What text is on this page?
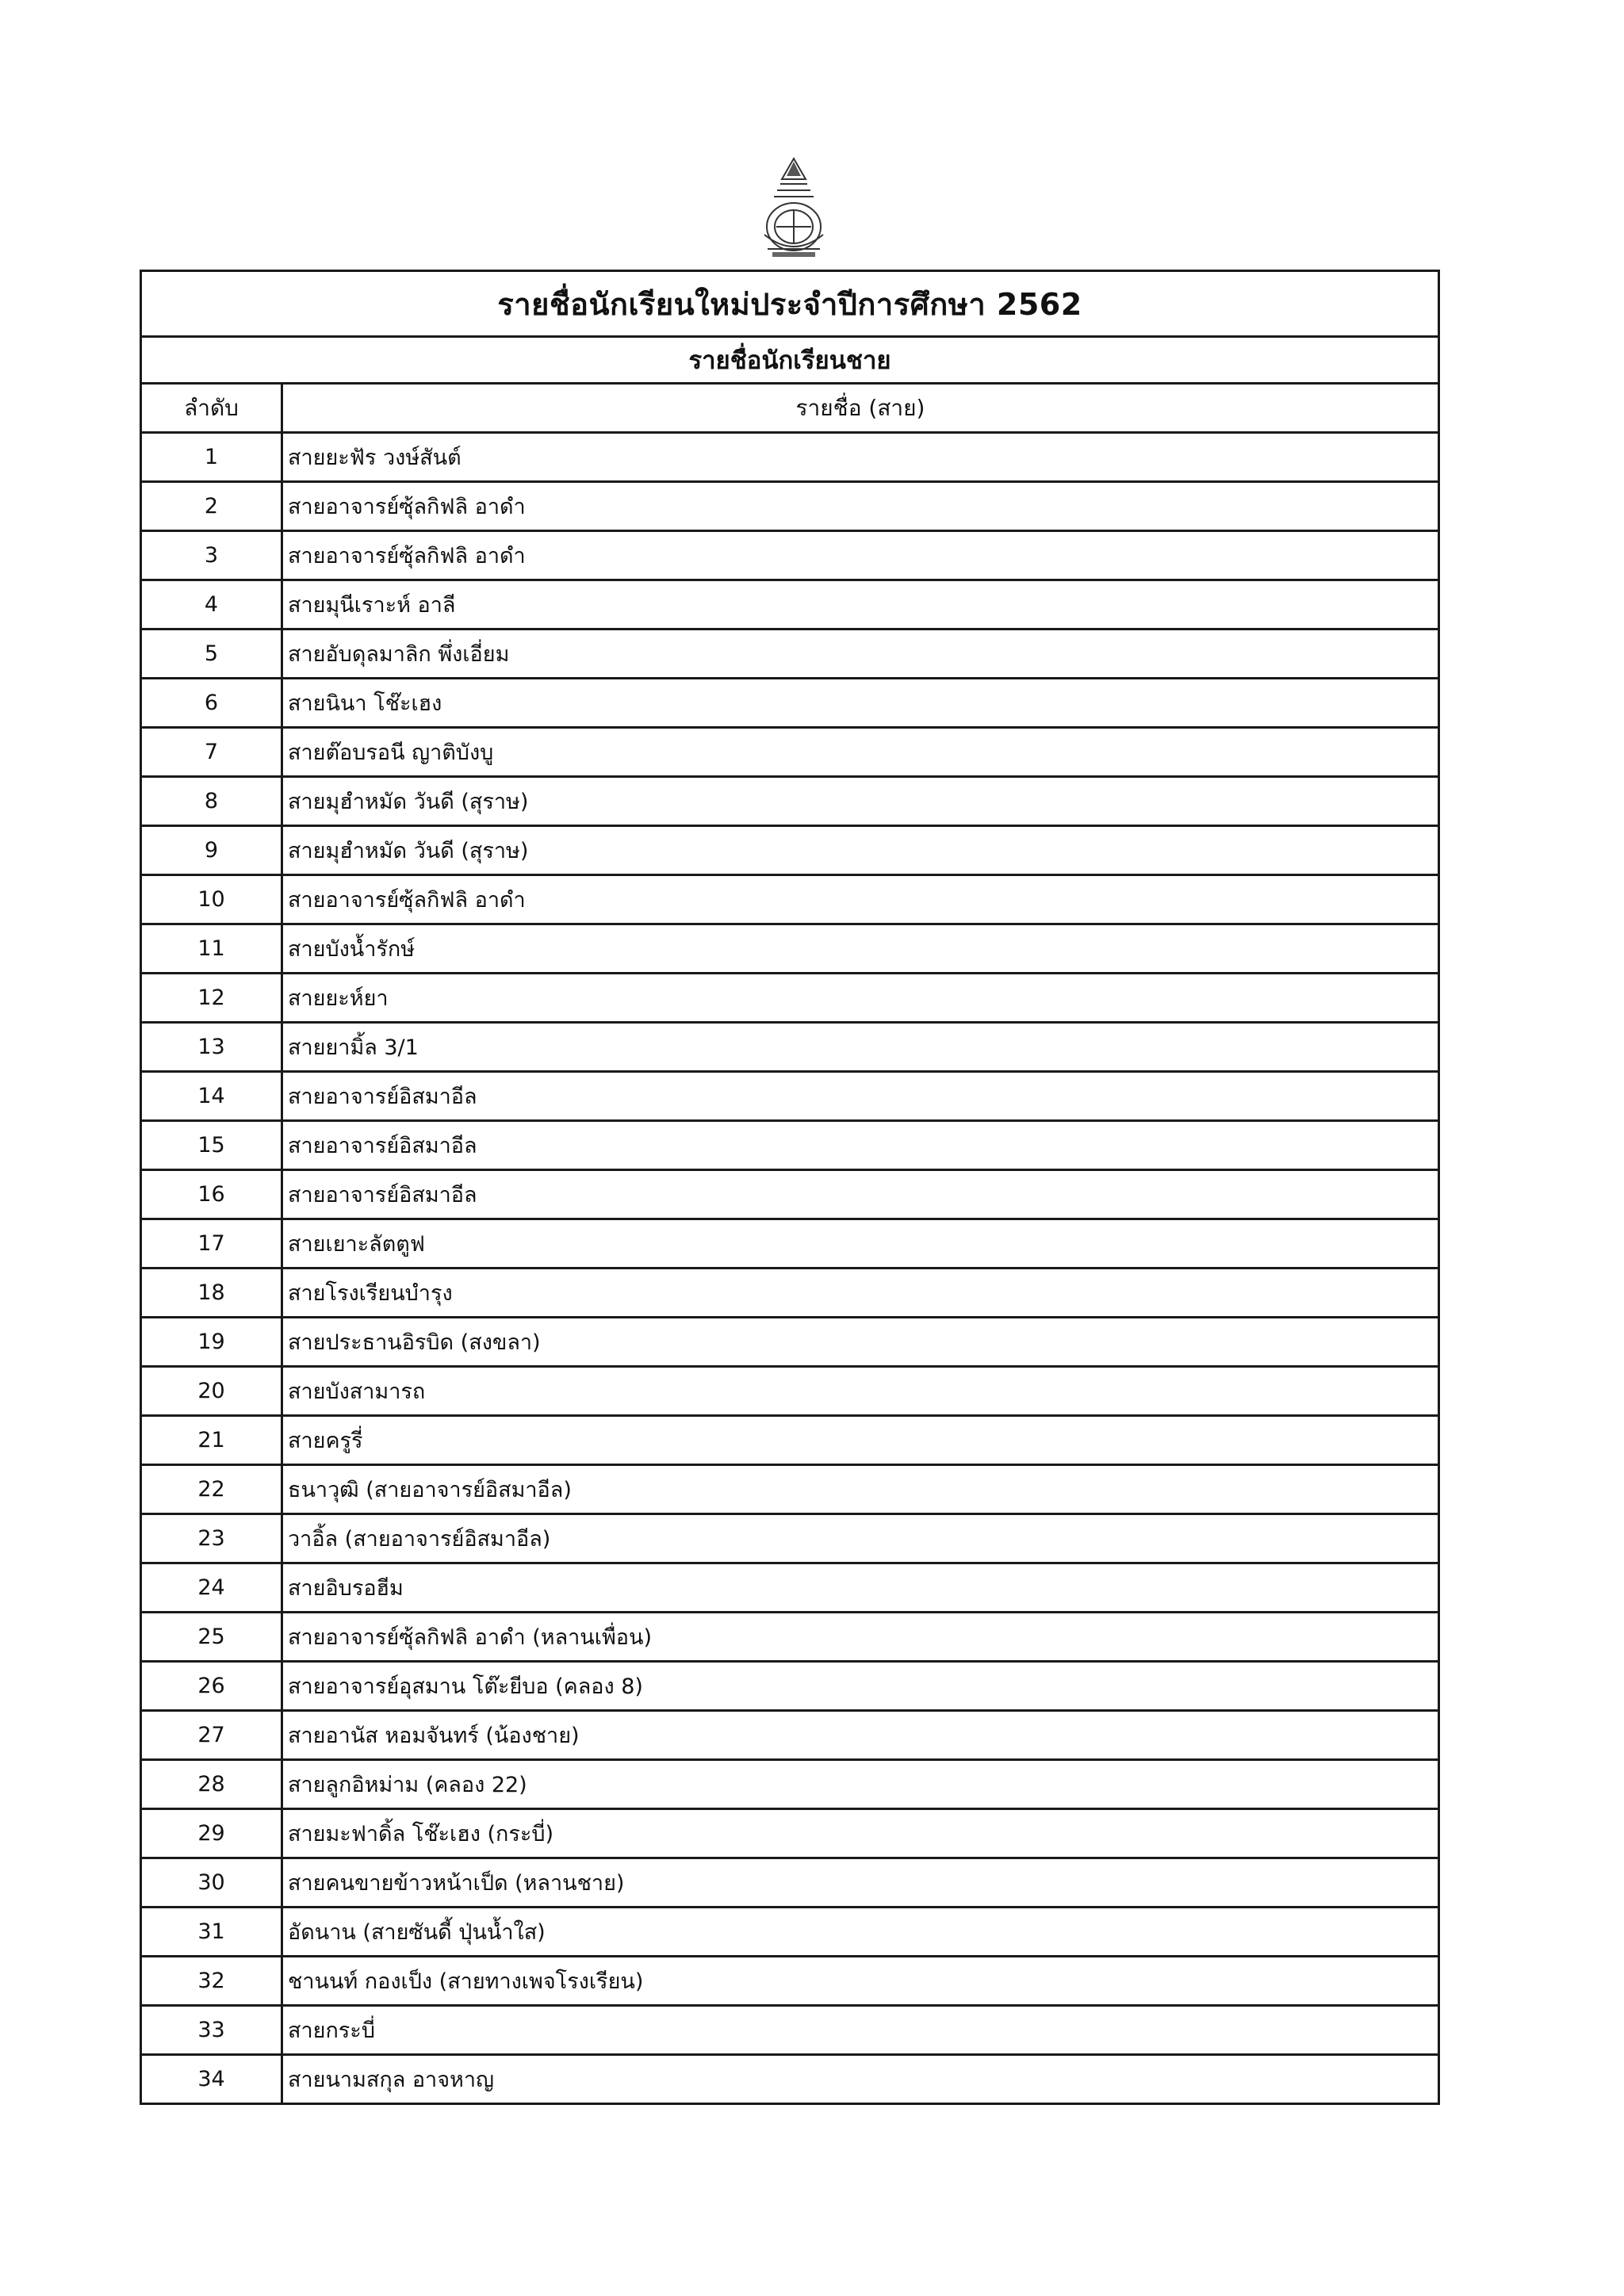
รายชื่อนักเรียนใหม่ประจำปีการศึกษา 2562	
รายชื่อนักเรียนชาย	
ลำดับ	รายชื่อ (สาย)
1	สายยะฟัร วงษ์สันต์
2	สายอาจารย์ซุ้ลกิฟลิ อาดำ
3	สายอาจารย์ซุ้ลกิฟลิ อาดำ
4	สายมุนีเราะห์ อาลี
5	สายอับดุลมาลิก พึ่งเอี่ยม
6	สายนินา โช๊ะเฮง
7	สายต๊อบรอนี ญาติบังบู
8	สายมุฮำหมัด วันดี (สุราษ)
9	สายมุฮำหมัด วันดี (สุราษ)
10	สายอาจารย์ซุ้ลกิฟลิ อาดำ
11	สายบังน้ำรักษ์
12	สายยะห์ยา
13	สายยามิ้ล 3/1
14	สายอาจารย์อิสมาอีล
15	สายอาจารย์อิสมาอีล
16	สายอาจารย์อิสมาอีล
17	สายเยาะลัตตูฟ
18	สายโรงเรียนบำรุง
19	สายประธานอิรบิด (สงขลา)
20	สายบังสามารถ
21	สายครูรี่
22	ธนาวุฒิ (สายอาจารย์อิสมาอีล)
23	วาอิ้ล (สายอาจารย์อิสมาอีล)
24	สายอิบรอฮีม
25	สายอาจารย์ซุ้ลกิฟลิ อาดำ (หลานเพื่อน)
26	สายอาจารย์อุสมาน โต๊ะยีบอ (คลอง 8)
27	สายอานัส หอมจันทร์ (น้องชาย)
28	สายลูกอิหม่าม (คลอง 22)
29	สายมะฟาดิ้ล โช๊ะเฮง (กระบี่)
30	สายคนขายข้าวหน้าเป็ด (หลานชาย)
31	อัดนาน (สายซันดี้ ปุ่นน้ำใส)
32	ชานนท์ กองเป็ง (สายทางเพจโรงเรียน)
33	สายกระบี่
34	สายนามสกุล อาจหาญ
